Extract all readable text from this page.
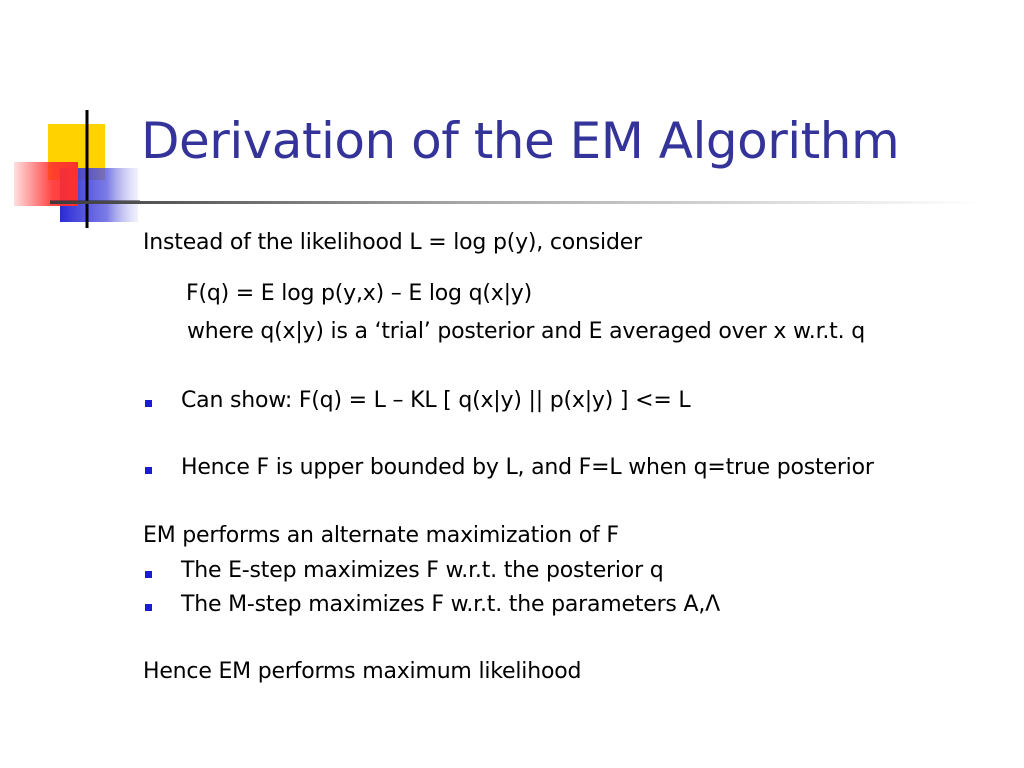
Derivation of the EM Algorithm
Instead of the likelihood L = log p(y), consider
F(q) = E log p(y,x) – E log q(x|y)
where q(x|y) is a ‘trial’ posterior and E averaged over x w.r.t. q
Can show: F(q) = L – KL [ q(x|y) || p(x|y) ] <= L
Hence F is upper bounded by L, and F=L when q=true posterior
EM performs an alternate maximization of F
The E-step maximizes F w.r.t. the posterior q
The M-step maximizes F w.r.t. the parameters A,Λ
Hence EM performs maximum likelihood
